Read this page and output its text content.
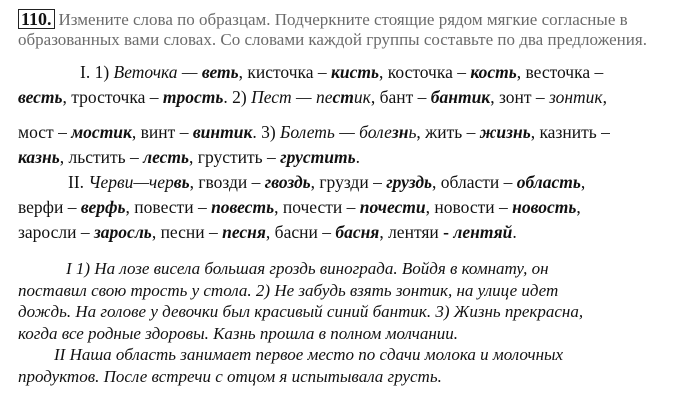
110. Измените слова по образцам. Подчеркните стоящие рядом мягкие согласные в
образованных вами словах. Со словами каждой группы составьте по два предложения.
I. 1) Веточка — веть, кисточка – кисть, косточка – кость, весточка –
весть, тросточка – трость. 2) Пест — пестик, бант – бантик, зонт – зонтик,
мост – мостик, винт – винтик. 3) Болеть — болезнь, жить – жизнь, казнить –
казнь, льстить – лесть, грустить – грустить.
II. Черви—червь, гвозди – гвоздь, грузди – груздь, области – область,
верфи – верфь, повести – повесть, почести – почести, новости – новость,
заросли – заросль, песни – песня, басни – басня, лентяи - лентяй.
I 1) На лозе висела большая гроздь винограда. Войдя в комнату, он
поставил свою трость у стола. 2) Не забудь взять зонтик, на улице идет
дождь. На голове у девочки был красивый синий бантик. 3) Жизнь прекрасна,
когда все родные здоровы. Казнь прошла в полном молчании.
II Наша область занимает первое место по сдачи молока и молочных
продуктов. После встречи с отцом я испытывала грусть.
